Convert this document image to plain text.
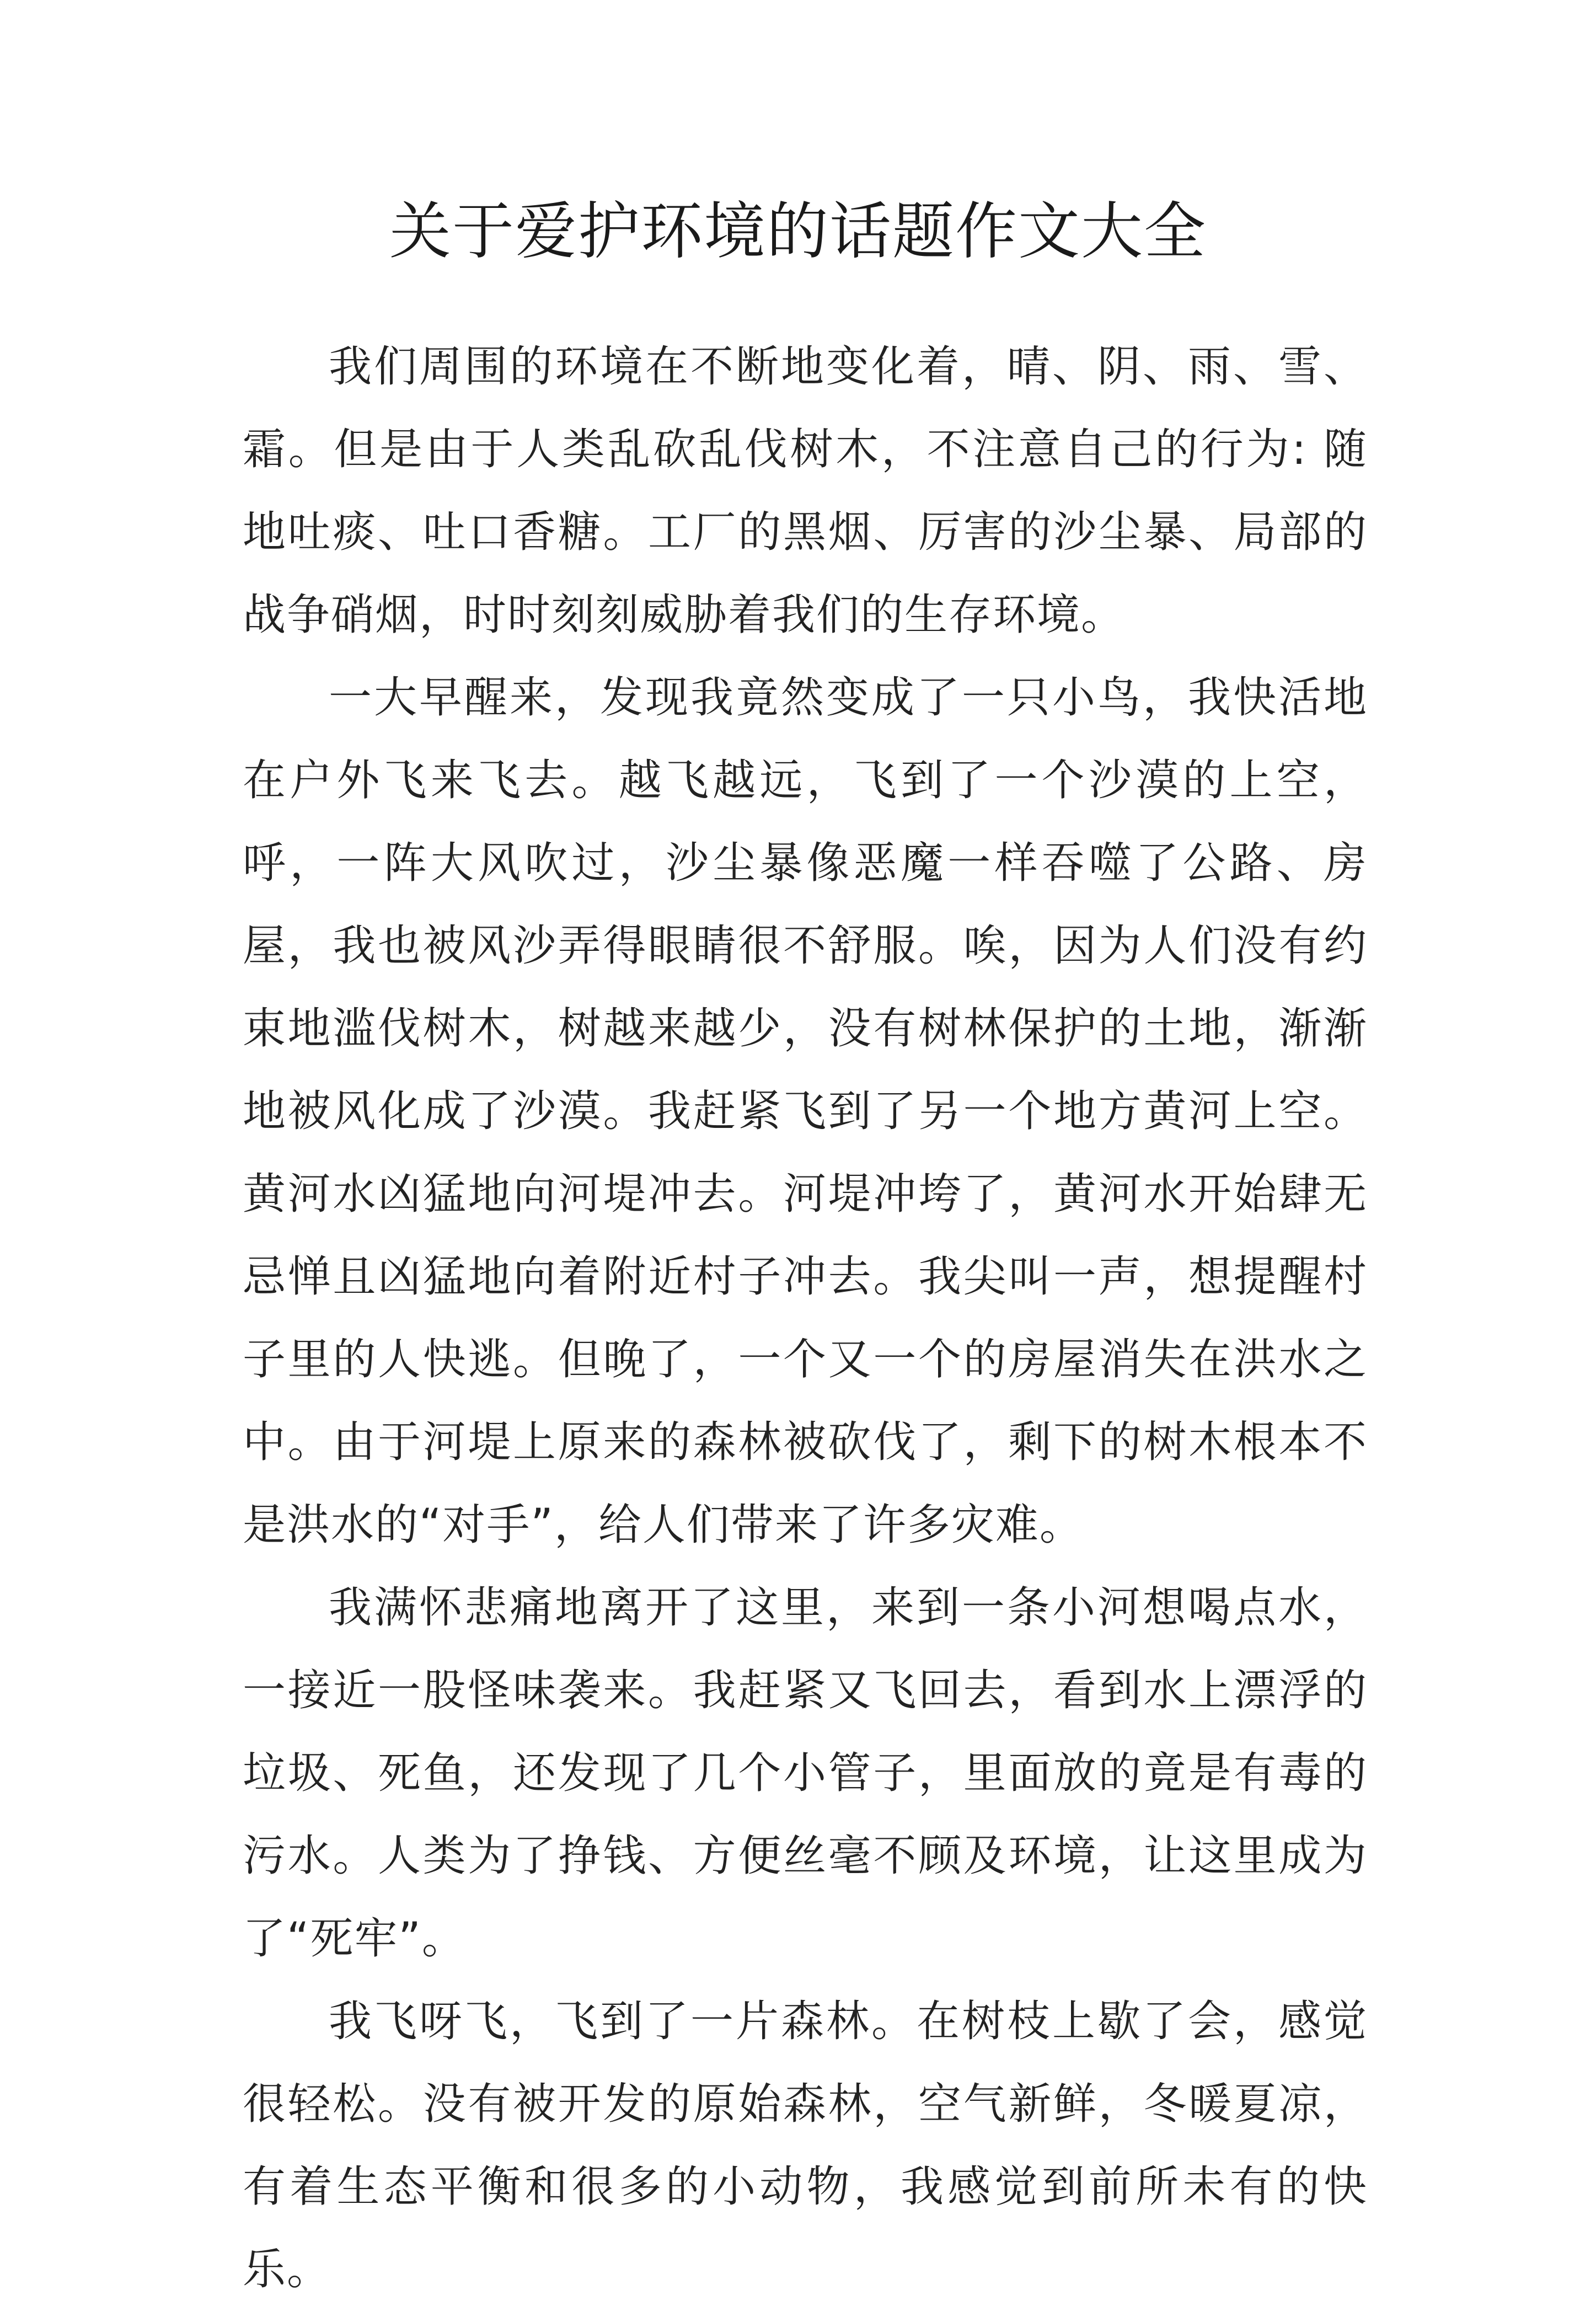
关于爱护环境的话题作文大全

我们周围的环境在不断地变化着，晴、阴、雨、雪、霜。但是由于人类乱砍乱伐树木，不注意自己的行为: 随地吐痰、吐口香糖。工厂的黑烟、厉害的沙尘暴、局部的战争硝烟，时时刻刻威胁着我们的生存环境。

一大早醒来，发现我竟然变成了一只小鸟，我快活地在户外飞来飞去。越飞越远，飞到了一个沙漠的上空，呼，一阵大风吹过，沙尘暴像恶魔一样吞噬了公路、房屋，我也被风沙弄得眼睛很不舒服。唉，因为人们没有约束地滥伐树木，树越来越少，没有树林保护的土地，渐渐地被风化成了沙漠。我赶紧飞到了另一个地方黄河上空。黄河水凶猛地向河堤冲去。河堤冲垮了，黄河水开始肆无忌惮且凶猛地向着附近村子冲去。我尖叫一声，想提醒村子里的人快逃。但晚了，一个又一个的房屋消失在洪水之中。由于河堤上原来的森林被砍伐了，剩下的树木根本不是洪水的“对手”，给人们带来了许多灾难。

我满怀悲痛地离开了这里，来到一条小河想喝点水，一接近一股怪味袭来。我赶紧又飞回去，看到水上漂浮的垃圾、死鱼，还发现了几个小管子，里面放的竟是有毒的污水。人类为了挣钱、方便丝毫不顾及环境，让这里成为了“死牢”。

我飞呀飞，飞到了一片森林。在树枝上歇了会，感觉很轻松。没有被开发的原始森林，空气新鲜，冬暖夏凉，有着生态平衡和很多的小动物，我感觉到前所未有的快乐。
